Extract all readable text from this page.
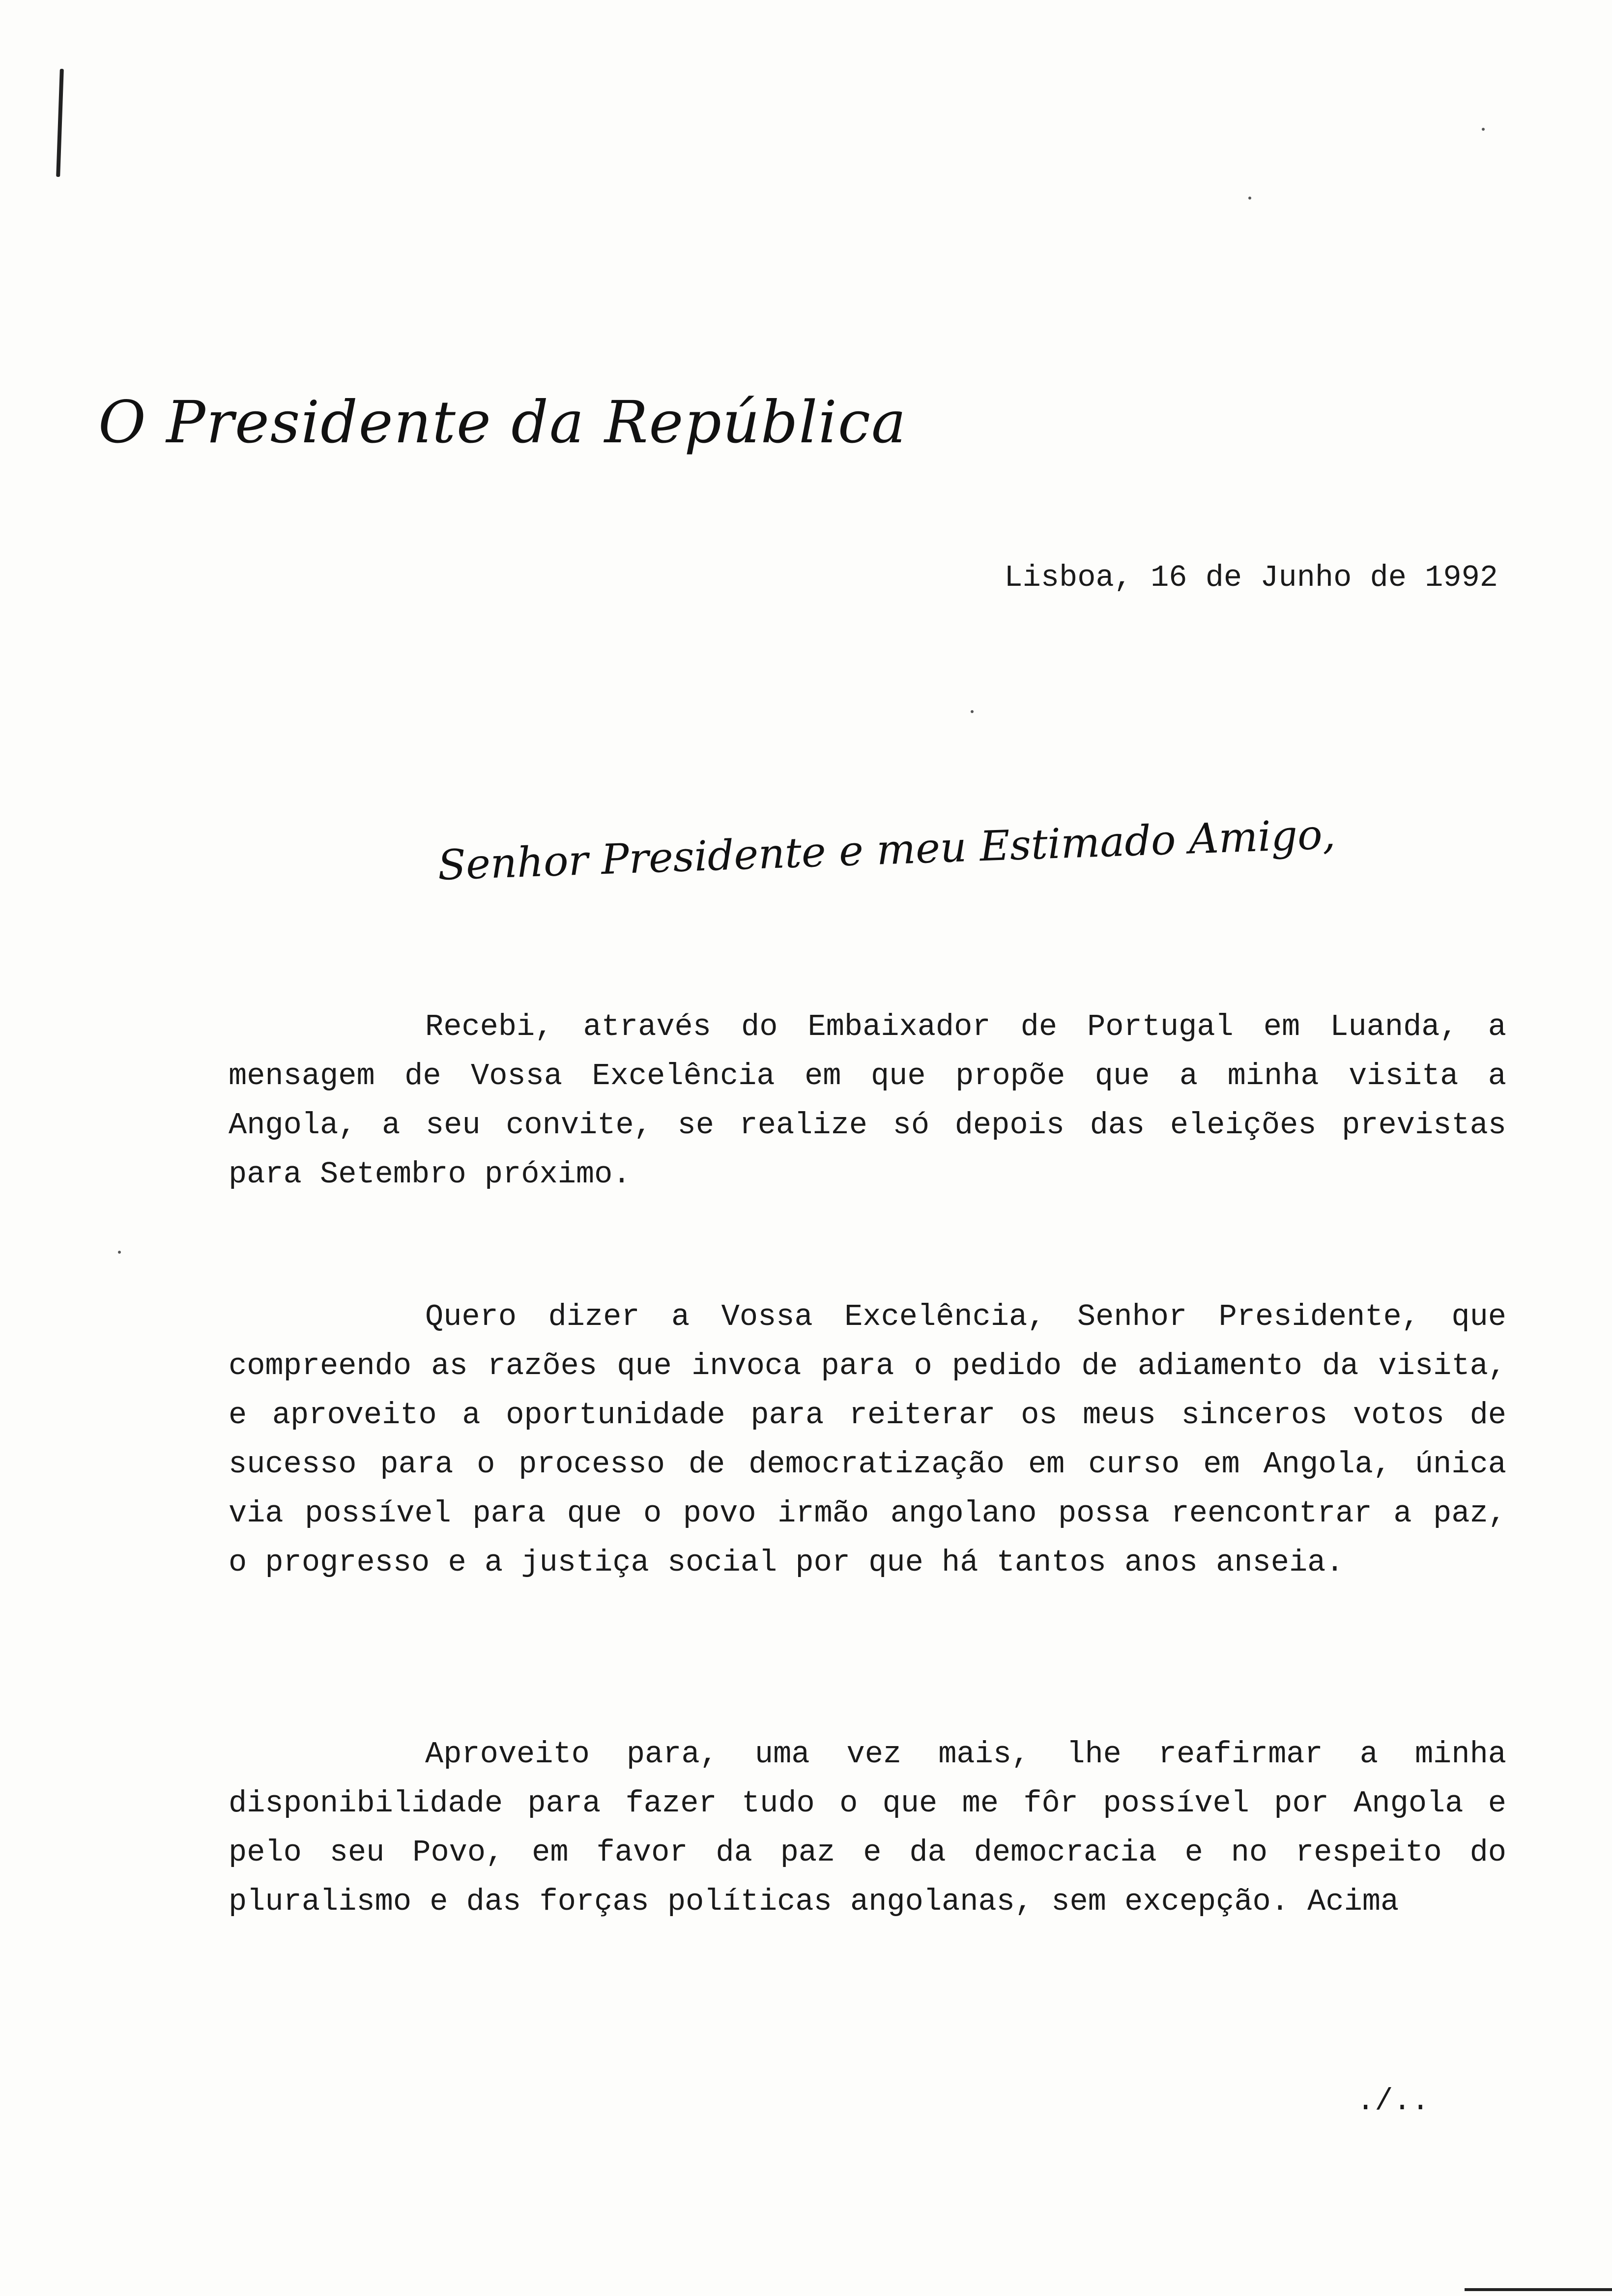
O Presidente da República
Lisboa, 16 de Junho de 1992
Senhor Presidente e meu Estimado Amigo,

Recebi, através do Embaixador de Portugal em Luanda, a mensagem de Vossa Excelência em que propõe que a minha visita a Angola, a seu convite, se realize só depois das eleições previstas para Setembro próximo.

Quero dizer a Vossa Excelência, Senhor Presidente, que compreendo as razões que invoca para o pedido de adiamento da visita, e aproveito a oportunidade para reiterar os meus sinceros votos de sucesso para o processo de democratização em curso em Angola, única via possível para que o povo irmão angolano possa reencontrar a paz, o progresso e a justiça social por que há tantos anos anseia.

Aproveito para, uma vez mais, lhe reafirmar a minha disponibilidade para fazer tudo o que me fôr possível por Angola e pelo seu Povo, em favor da paz e da democracia e no respeito do pluralismo e das forças políticas angolanas, sem excepção. Acima

./..
